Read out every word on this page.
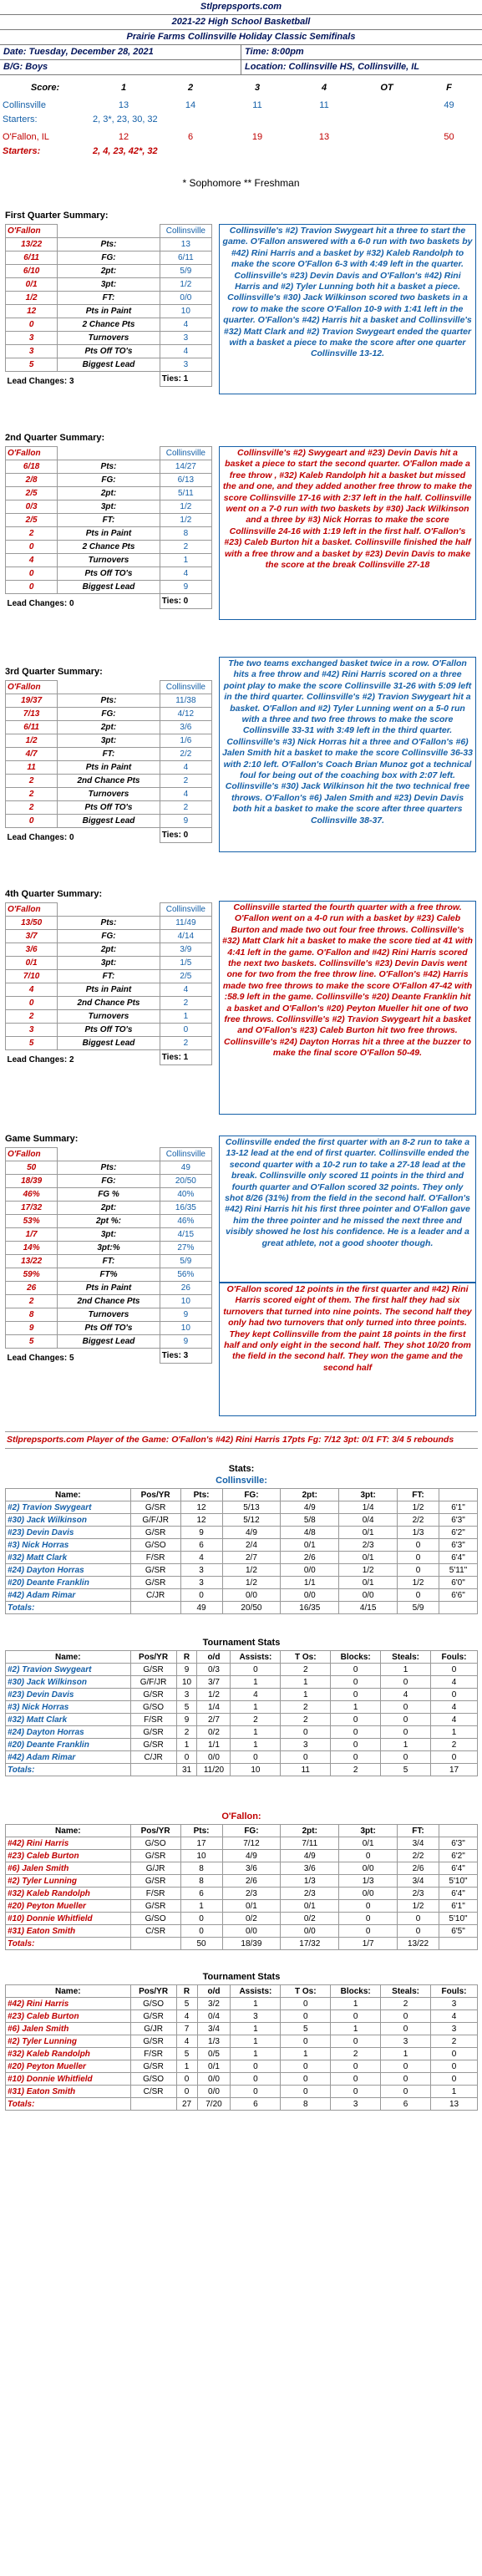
Stlprepsports.com
2021-22 High School Basketball
Prairie Farms Collinsville Holiday Classic Semifinals
Date: Tuesday, December 28, 2021	Time: 8:00pm
B/G: Boys	Location: Collinsville HS, Collinsville, IL
Score:	1	2	3	4	OT	F

Collinsville	13	14	11	11		49
Starters:	2, 3*, 23, 30, 32					

O'Fallon, IL	12	6	19	13		50
Starters:	2, 4, 23, 42*, 32					
* Sophomore ** Freshman
First Quarter Summary:
O'Fallon		Collinsville
13/22	Pts:	13
6/11	FG:	6/11
6/10	2pt:	5/9
0/1	3pt:	1/2
1/2	FT:	0/0
12	Pts in Paint	10
0	2 Chance Pts	4
3	Turnovers	3
3	Pts Off TO's	4
5	Biggest Lead	3
Lead Changes: 3		Ties: 1
Collinsville's #2) Travion Swygeart hit a three to start the game. O'Fallon answered with a 6-0 run with two baskets by #42) Rini Harris and a basket by #32) Kaleb Randolph to make the score O'Fallon 6-3 with 4:49 left in the quarter. Collinsville's #23) Devin Davis and O'Fallon's #42) Rini Harris and #2) Tyler Lunning both hit a basket a piece. Collinsville's #30) Jack Wilkinson scored two baskets in a row to make the score O'Fallon 10-9 with 1:41 left in the quarter. O'Fallon's #42) Harris hit a basket and Collinsville's #32) Matt Clark and #2) Travion Swygeart ended the quarter with a basket a piece to make the score after one quarter Collinsville 13-12.
2nd Quarter Summary:
O'Fallon		Collinsville
6/18	Pts:	14/27
2/8	FG:	6/13
2/5	2pt:	5/11
0/3	3pt:	1/2
2/5	FT:	1/2
2	Pts in Paint	8
0	2 Chance Pts	2
4	Turnovers	1
0	Pts Off TO's	4
0	Biggest Lead	9
Lead Changes: 0		Ties: 0
Collinsville's #2) Swygeart and #23) Devin Davis hit a basket a piece to start the second quarter. O'Fallon made a free throw , #32) Kaleb Randolph hit a basket but missed the and one, and they added another free throw to make the score Collinsville 17-16 with 2:37 left in the half. Collinsville went on a 7-0 run with two baskets by #30) Jack Wilkinson and a three by #3) Nick Horras to make the score Collinsville 24-16 with 1:19 left in the first half. O'Fallon's #23) Caleb Burton hit a basket. Collinsville finished the half with a free throw and a basket by #23) Devin Davis to make the score at the break Collinsville 27-18
3rd Quarter Summary:
O'Fallon		Collinsville
19/37	Pts:	11/38
7/13	FG:	4/12
6/11	2pt:	3/6
1/2	3pt:	1/6
4/7	FT:	2/2
11	Pts in Paint	4
2	2nd Chance Pts	2
2	Turnovers	4
2	Pts Off TO's	2
0	Biggest Lead	9
Lead Changes: 0		Ties: 0
The two teams exchanged basket twice in a row. O'Fallon hits a free throw and #42) Rini Harris scored on a three point play to make the score Collinsville 31-26 with 5:09 left in the third quarter. Collinsville's #2) Travion Swygeart hit a basket. O'Fallon and #2) Tyler Lunning went on a 5-0 run with a three and two free throws to make the score Collinsville 33-31 with 3:49 left in the third quarter. Collinsville's #3) Nick Horras hit a three and O'Fallon's #6) Jalen Smith hit a basket to make the score Collinsville 36-33 with 2:10 left. O'Fallon's Coach Brian Munoz got a technical foul for being out of the coaching box with 2:07 left. Collinsville's #30) Jack Wilkinson hit the two technical free throws. O'Fallon's #6) Jalen Smith and #23) Devin Davis both hit a basket to make the score after three quarters Collinsville 38-37.
4th Quarter Summary:
O'Fallon		Collinsville
13/50	Pts:	11/49
3/7	FG:	4/14
3/6	2pt:	3/9
0/1	3pt:	1/5
7/10	FT:	2/5
4	Pts in Paint	4
0	2nd Chance Pts	2
2	Turnovers	1
3	Pts Off TO's	0
5	Biggest Lead	2
Lead Changes: 2		Ties: 1
Collinsville started the fourth quarter with a free throw. O'Fallon went on a 4-0 run with a basket by #23) Caleb Burton and made two out four free throws. Collinsville's #32) Matt Clark hit a basket to make the score tied at 41 with 4:41 left in the game. O'Fallon and #42) Rini Harris scored the next two baskets. Collinsville's #23) Devin Davis went one for two from the free throw line. O'Fallon's #42) Harris made two free throws to make the score O'Fallon 47-42 with :58.9 left in the game. Collinsville's #20) Deante Franklin hit a basket and O'Fallon's #20) Peyton Mueller hit one of two free throws. Collinsville's #2) Travion Swygeart hit a basket and O'Fallon's #23) Caleb Burton hit two free throws. Collinsville's #24) Dayton Horras hit a three at the buzzer to make the final score O'Fallon 50-49.
Game Summary:
O'Fallon		Collinsville
50	Pts:	49
18/39	FG:	20/50
46%	FG %	40%
17/32	2pt:	16/35
53%	2pt %:	46%
1/7	3pt:	4/15
14%	3pt:%	27%
13/22	FT:	5/9
59%	FT%	56%
26	Pts in Paint	26
2	2nd Chance Pts	10
8	Turnovers	9
9	Pts Off TO's	10
5	Biggest Lead	9
Lead Changes: 5		Ties: 3
Collinsville ended the first quarter with an 8-2 run to take a 13-12 lead at the end of first quarter. Collinsville ended the second quarter with a 10-2 run to take a 27-18 lead at the break. Collinsville only scored 11 points in the third and fourth quarter and O'Fallon scored 32 points. They only shot 8/26 (31%) from the field in the second half. O'Fallon's #42) Rini Harris hit his first three pointer and O'Fallon gave him the three pointer and he missed the next three and visibly showed he lost his confidence. He is a leader and a great athlete, not a good shooter though.
O'Fallon scored 12 points in the first quarter and #42) Rini Harris scored eight of them. The first half they had six turnovers that turned into nine points. The second half they only had two turnovers that only turned into three points. They kept Collinsville from the paint 18 points in the first half and only eight in the second half. They shot 10/20 from the field in the second half. They won the game and the second half
Stlprepsports.com Player of the Game: O'Fallon's #42) Rini Harris 17pts Fg: 7/12 3pt: 0/1 FT: 3/4 5 rebounds
Stats:
Collinsville:
Name:	Pos/YR	Pts:	FG:	2pt:	3pt:	FT:	
#2) Travion Swygeart	G/SR	12	5/13	4/9	1/4	1/2	6'1"
#30) Jack Wilkinson	G/F/JR	12	5/12	5/8	0/4	2/2	6'3"
#23) Devin Davis	G/SR	9	4/9	4/8	0/1	1/3	6'2"
#3) Nick Horras	G/SO	6	2/4	0/1	2/3	0	6'3"
#32) Matt Clark	F/SR	4	2/7	2/6	0/1	0	6'4"
#24) Dayton Horras	G/SR	3	1/2	0/0	1/2	0	5'11"
#20) Deante Franklin	G/SR	3	1/2	1/1	0/1	1/2	6'0"
#42) Adam Rimar	C/JR	0	0/0	0/0	0/0	0	6'6"
Totals:		49	20/50	16/35	4/15	5/9	
Tournament Stats
Name:	Pos/YR	R	o/d	Assists:	T Os:	Blocks:	Steals:	Fouls:
#2) Travion Swygeart	G/SR	9	0/3	0	2	0	1	0
#30) Jack Wilkinson	G/F/JR	10	3/7	1	1	0	0	4
#23) Devin Davis	G/SR	3	1/2	4	1	0	4	0
#3) Nick Horras	G/SO	5	1/4	1	2	1	0	4
#32) Matt Clark	F/SR	9	2/7	2	2	0	0	4
#24) Dayton Horras	G/SR	2	0/2	1	0	0	0	1
#20) Deante Franklin	G/SR	1	1/1	1	3	0	1	2
#42) Adam Rimar	C/JR	0	0/0	0	0	0	0	0
Totals:		31	11/20	10	11	2	5	17
O'Fallon:
Name:	Pos/YR	Pts:	FG:	2pt:	3pt:	FT:	
#42) Rini Harris	G/SO	17	7/12	7/11	0/1	3/4	6'3"
#23) Caleb Burton	G/SR	10	4/9	4/9	0	2/2	6'2"
#6) Jalen Smith	G/JR	8	3/6	3/6	0/0	2/6	6'4"
#2) Tyler Lunning	G/SR	8	2/6	1/3	1/3	3/4	5'10"
#32) Kaleb Randolph	F/SR	6	2/3	2/3	0/0	2/3	6'4"
#20) Peyton Mueller	G/SR	1	0/1	0/1	0	1/2	6'1"
#10) Donnie Whitfield	G/SO	0	0/2	0/2	0	0	5'10"
#31) Eaton Smith	C/SR	0	0/0	0/0	0	0	6'5"
Totals:		50	18/39	17/32	1/7	13/22	
Tournament Stats
Name:	Pos/YR	R	o/d	Assists:	T Os:	Blocks:	Steals:	Fouls:
#42) Rini Harris	G/SO	5	3/2	1	0	1	2	3
#23) Caleb Burton	G/SR	4	0/4	3	0	0	0	4
#6) Jalen Smith	G/JR	7	3/4	1	5	1	0	3
#2) Tyler Lunning	G/SR	4	1/3	1	0	0	3	2
#32) Kaleb Randolph	F/SR	5	0/5	1	1	2	1	0
#20) Peyton Mueller	G/SR	1	0/1	0	0	0	0	0
#10) Donnie Whitfield	G/SO	0	0/0	0	0	0	0	0
#31) Eaton Smith	C/SR	0	0/0	0	0	0	0	1
Totals:		27	7/20	6	8	3	6	13
